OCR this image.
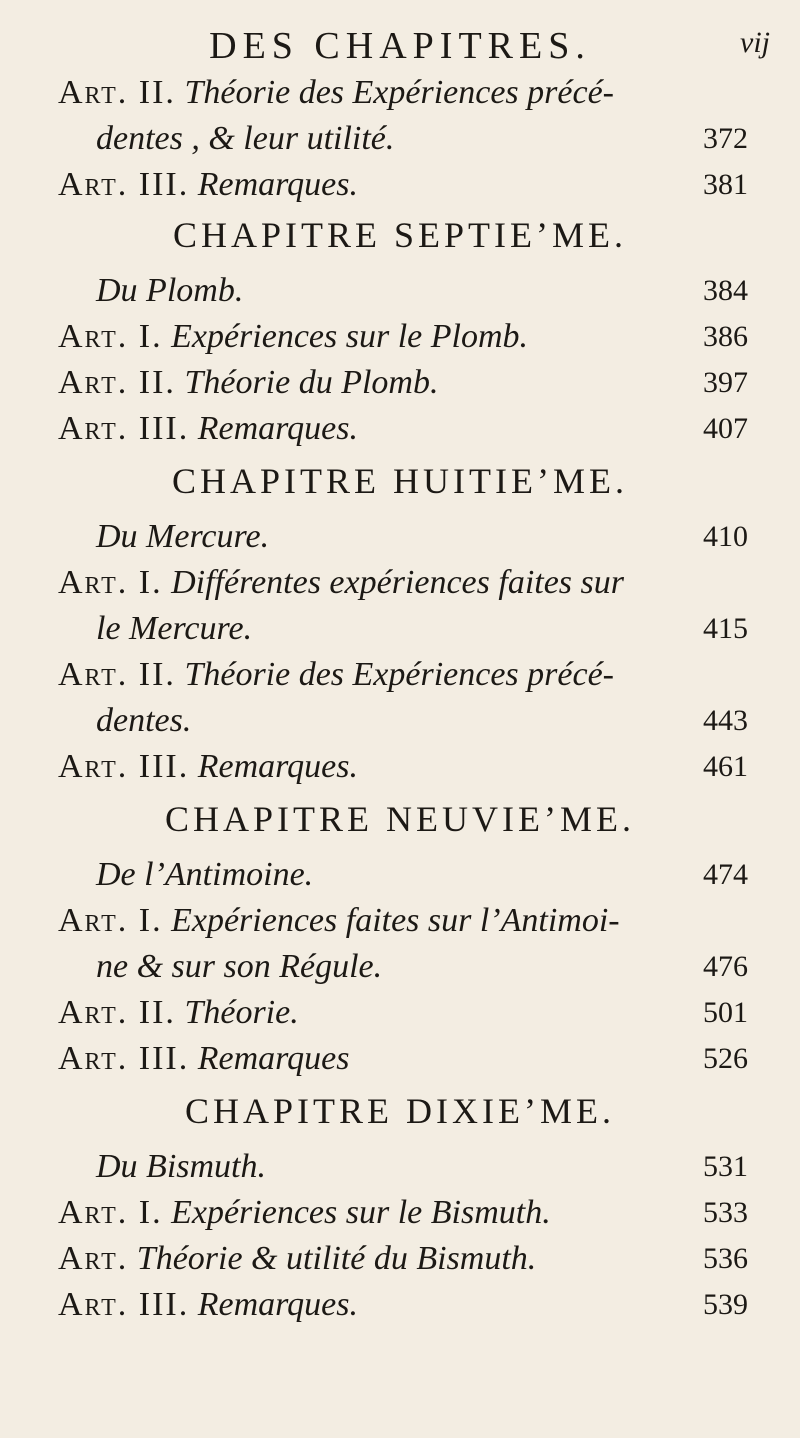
DES CHAPITRES.	vij
Art. II. Théorie des Expériences précé-
dentes , & leur utilité.	372
Art. III. Remarques.	381
CHAPITRE SEPTIE’ME.
Du Plomb.	384
Art. I. Expériences sur le Plomb.	386
Art. II. Théorie du Plomb.	397
Art. III. Remarques.	407
CHAPITRE HUITIE’ME.
Du Mercure.	410
Art. I. Différentes expériences faites sur
le Mercure.	415
Art. II. Théorie des Expériences précé-
dentes.	443
Art. III. Remarques.	461
CHAPITRE NEUVIE’ME.
De l’Antimoine.	474
Art. I. Expériences faites sur l’Antimoi-
ne & sur son Régule.	476
Art. II. Théorie.	501
Art. III. Remarques	526
CHAPITRE DIXIE’ME.
Du Bismuth.	531
Art. I. Expériences sur le Bismuth.	533
Art. Théorie & utilité du Bismuth.	536
Art. III. Remarques.	539
